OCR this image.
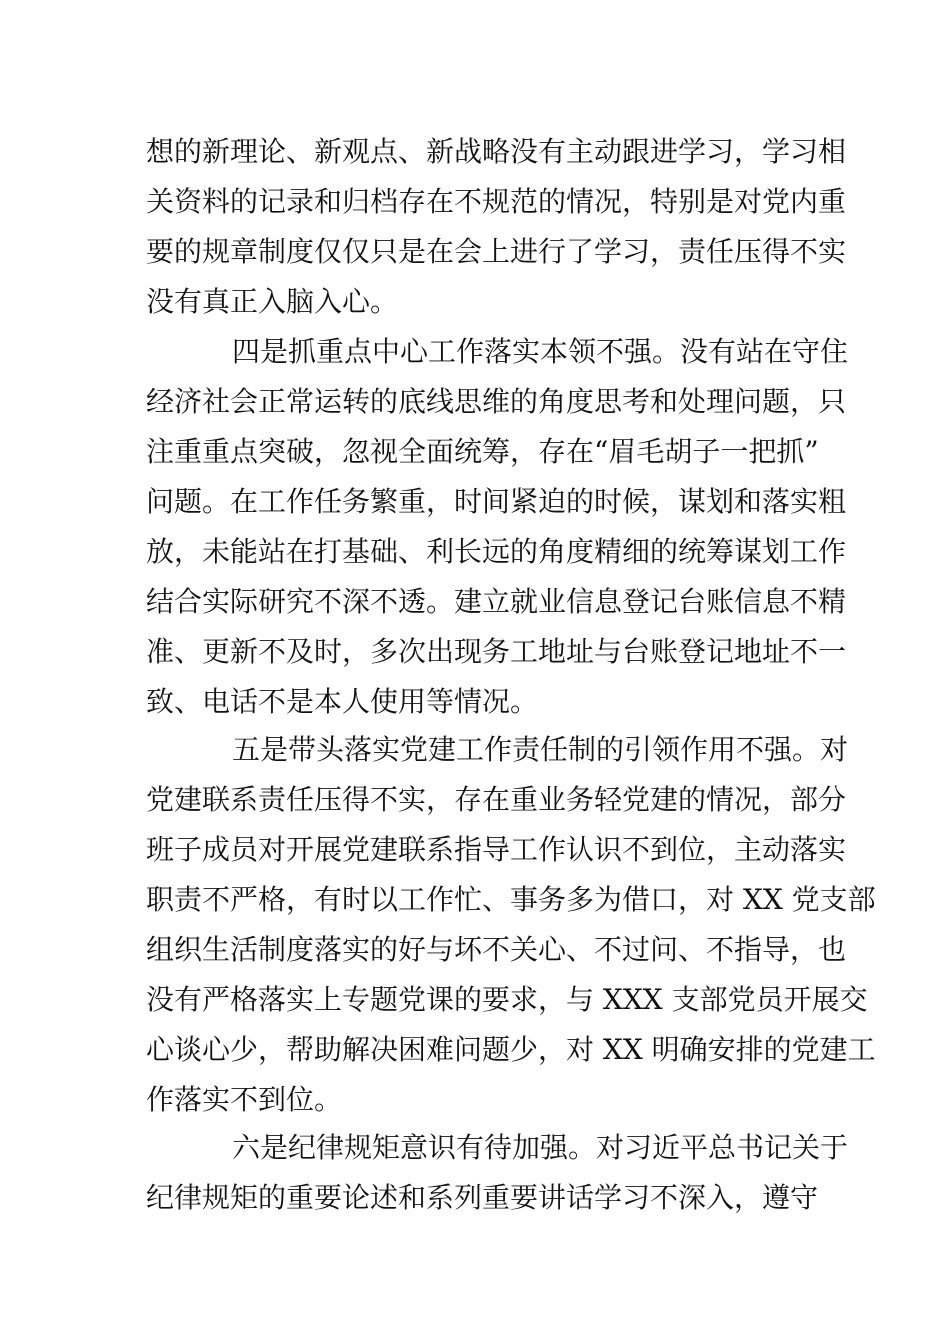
想的新理论、新观点、新战略没有主动跟进学习，学习相
关资料的记录和归档存在不规范的情况，特别是对党内重
要的规章制度仅仅只是在会上进行了学习，责任压得不实
没有真正入脑入心。
四是抓重点中心工作落实本领不强。没有站在守住
经济社会正常运转的底线思维的角度思考和处理问题，只
注重重点突破，忽视全面统筹，存在“眉毛胡子一把抓”
问题。在工作任务繁重，时间紧迫的时候，谋划和落实粗
放，未能站在打基础、利长远的角度精细的统筹谋划工作
结合实际研究不深不透。建立就业信息登记台账信息不精
准、更新不及时，多次出现务工地址与台账登记地址不一
致、电话不是本人使用等情况。
五是带头落实党建工作责任制的引领作用不强。对
党建联系责任压得不实，存在重业务轻党建的情况，部分
班子成员对开展党建联系指导工作认识不到位，主动落实
职责不严格，有时以工作忙、事务多为借口，对 XX 党支部
组织生活制度落实的好与坏不关心、不过问、不指导，也
没有严格落实上专题党课的要求，与 XXX 支部党员开展交
心谈心少，帮助解决困难问题少，对 XX 明确安排的党建工
作落实不到位。
六是纪律规矩意识有待加强。对习近平总书记关于
纪律规矩的重要论述和系列重要讲话学习不深入，遵守
